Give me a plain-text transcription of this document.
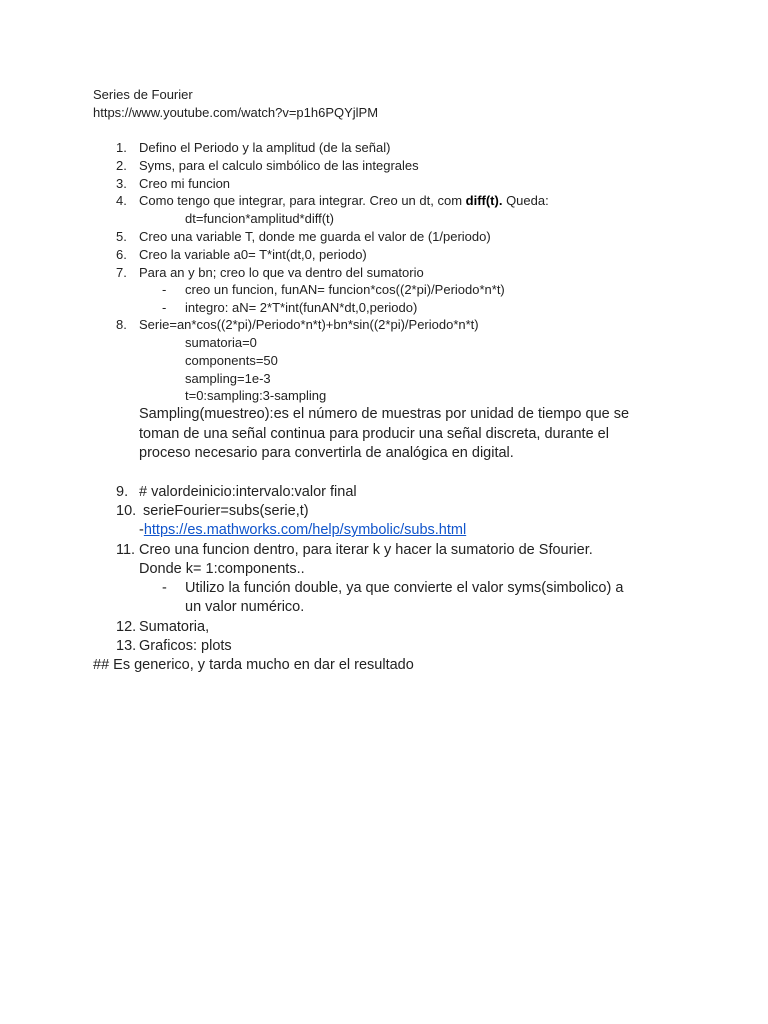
Series de Fourier
https://www.youtube.com/watch?v=p1h6PQYjlPM
1. Defino el Periodo y la amplitud (de la señal)
2. Syms, para el calculo simbólico de las integrales
3. Creo mi funcion
4. Como tengo que integrar, para integrar. Creo un dt, com diff(t). Queda:
dt=funcion*amplitud*diff(t)
5. Creo una variable T, donde me guarda el valor de (1/periodo)
6. Creo la variable a0= T*int(dt,0, periodo)
7. Para an y bn; creo lo que va dentro del sumatorio
- creo un funcion, funAN= funcion*cos((2*pi)/Periodo*n*t)
- integro: aN= 2*T*int(funAN*dt,0,periodo)
8. Serie=an*cos((2*pi)/Periodo*n*t)+bn*sin((2*pi)/Periodo*n*t)
sumatoria=0
components=50
sampling=1e-3
t=0:sampling:3-sampling
Sampling(muestreo):es el número de muestras por unidad de tiempo que se
toman de una señal continua para producir una señal discreta, durante el
proceso necesario para convertirla de analógica en digital.
9. # valordeinicio:intervalo:valor final
10. serieFourier=subs(serie,t)
-https://es.mathworks.com/help/symbolic/subs.html
11. Creo una funcion dentro, para iterar k y hacer la sumatorio de Sfourier.
Donde k= 1:components..
- Utilizo la función double, ya que convierte el valor syms(simbolico) a
un valor numérico.
12. Sumatoria,
13. Graficos: plots
## Es generico, y tarda mucho en dar el resultado
